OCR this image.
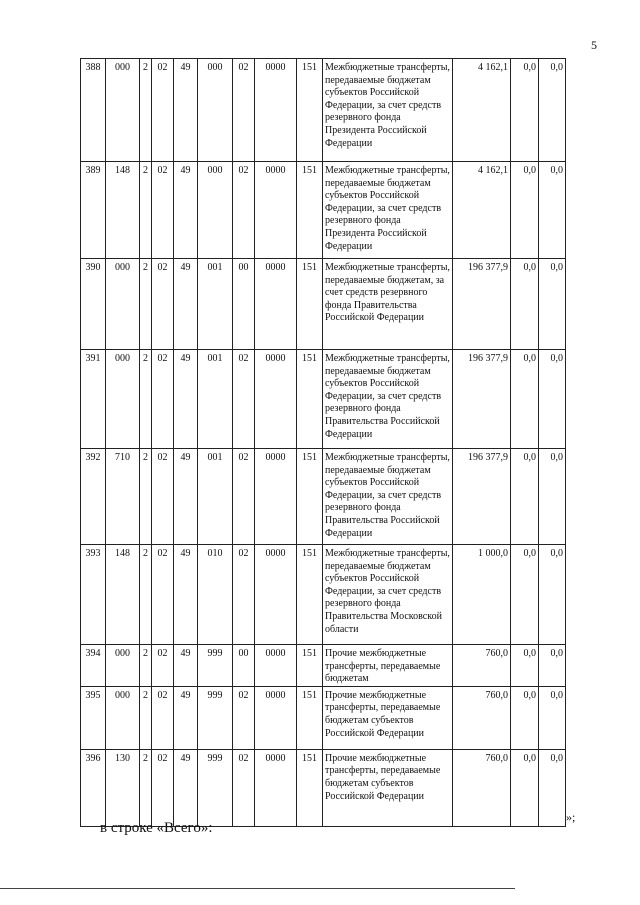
5
388	000	2	02	49	000	02	0000	151	Межбюджетные трансферты, передаваемые бюджетам субъектов Российской Федерации, за счет средств резервного фонда Президента Российской Федерации	4 162,1	0,0	0,0
389	148	2	02	49	000	02	0000	151	Межбюджетные трансферты, передаваемые бюджетам субъектов Российской Федерации, за счет средств резервного фонда Президента Российской Федерации	4 162,1	0,0	0,0
390	000	2	02	49	001	00	0000	151	Межбюджетные трансферты, передаваемые бюджетам, за счет средств резервного фонда Правительства Российской Федерации	196 377,9	0,0	0,0
391	000	2	02	49	001	02	0000	151	Межбюджетные трансферты, передаваемые бюджетам субъектов Российской Федерации, за счет средств резервного фонда Правительства Российской Федерации	196 377,9	0,0	0,0
392	710	2	02	49	001	02	0000	151	Межбюджетные трансферты, передаваемые бюджетам субъектов Российской Федерации, за счет средств резервного фонда Правительства Российской Федерации	196 377,9	0,0	0,0
393	148	2	02	49	010	02	0000	151	Межбюджетные трансферты, передаваемые бюджетам субъектов Российской Федерации, за счет средств резервного фонда Правительства Московской области	1 000,0	0,0	0,0
394	000	2	02	49	999	00	0000	151	Прочие межбюджетные трансферты, передаваемые бюджетам	760,0	0,0	0,0
395	000	2	02	49	999	02	0000	151	Прочие межбюджетные трансферты, передаваемые бюджетам субъектов Российской Федерации	760,0	0,0	0,0
396	130	2	02	49	999	02	0000	151	Прочие межбюджетные трансферты, передаваемые бюджетам субъектов Российской Федерации	760,0	0,0	0,0
»;
в строке «Всего»:
